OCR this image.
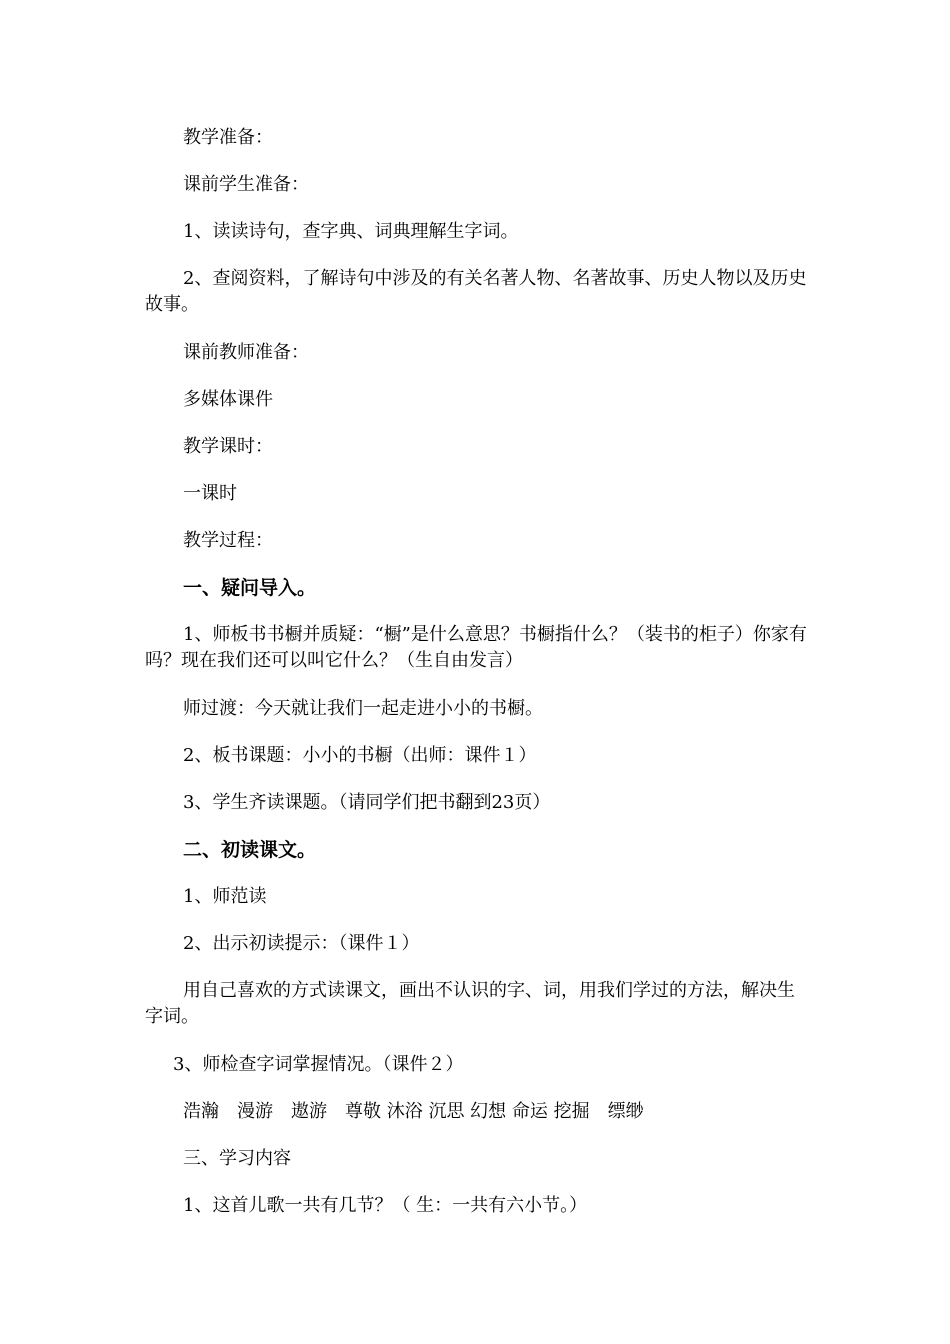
教学准备：

课前学生准备：

1、读读诗句，查字典、词典理解生字词。

2、查阅资料，了解诗句中涉及的有关名著人物、名著故事、历史人物以及历史故事。

课前教师准备：

多媒体课件

教学课时：

一课时

教学过程：

一、疑问导入。

1、师板书书橱并质疑：“橱”是什么意思？书橱指什么？（装书的柜子）你家有吗？现在我们还可以叫它什么？（生自由发言）

师过渡：今天就让我们一起走进小小的书橱。

2、板书课题：小小的书橱（出师：课件１）

3、学生齐读课题。（请同学们把书翻到23页）

二、初读课文。

1、师范读

2、出示初读提示：（课件１）

用自己喜欢的方式读课文，画出不认识的字、词，用我们学过的方法，解决生字词。

3、师检查字词掌握情况。（课件２）

浩瀚　漫游　遨游　尊敬 沐浴 沉思 幻想 命运 挖掘　缥缈

三、学习内容

1、这首儿歌一共有几节？（ 生：一共有六小节。）
